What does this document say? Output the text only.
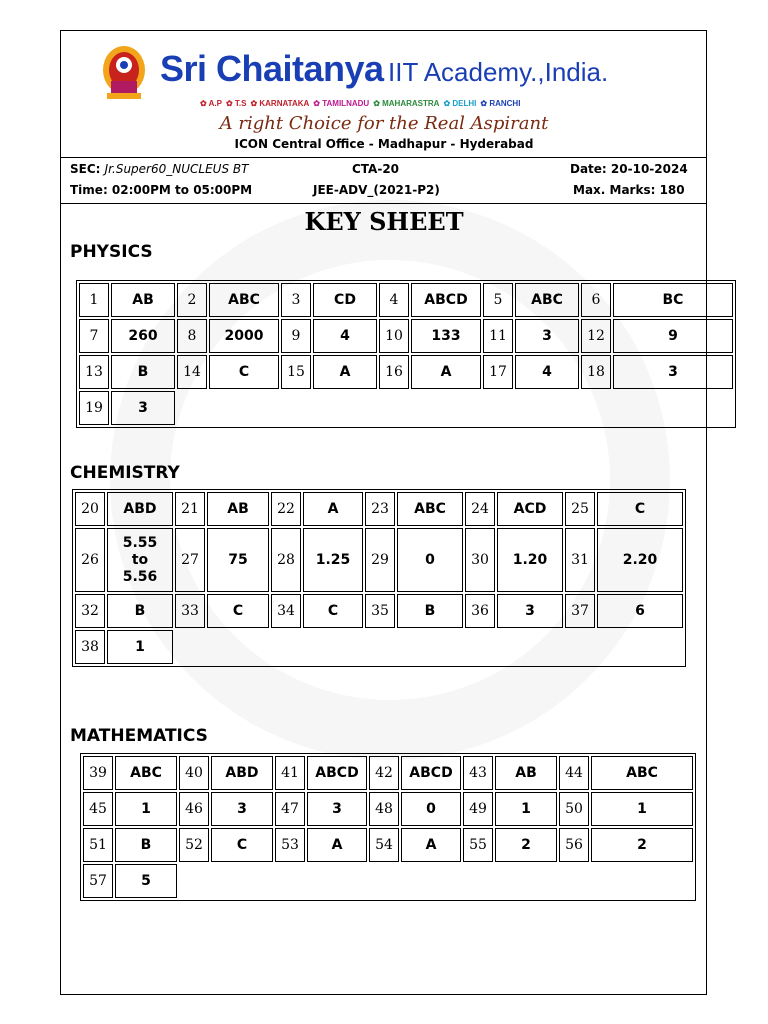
Sri Chaitanya IIT Academy.,India.
✿ A.P ✿ T.S ✿ KARNATAKA ✿ TAMILNADU ✿ MAHARASTRA ✿ DELHI ✿ RANCHI
A right Choice for the Real Aspirant
ICON Central Office - Madhapur - Hyderabad
SEC: Jr.Super60_NUCLEUS BT	CTA-20	Date: 20-10-2024
Time: 02:00PM to 05:00PM	JEE-ADV_(2021-P2)	Max. Marks: 180
KEY SHEET
PHYSICS
1	AB	2	ABC	3	CD	4	ABCD	5	ABC	6	BC
7	260	8	2000	9	4	10	133	11	3	12	9
13	B	14	C	15	A	16	A	17	4	18	3
19	3										
CHEMISTRY
20	ABD	21	AB	22	A	23	ABC	24	ACD	25	C
26	5.55
to
5.56	27	75	28	1.25	29	0	30	1.20	31	2.20
32	B	33	C	34	C	35	B	36	3	37	6
38	1										
MATHEMATICS
39	ABC	40	ABD	41	ABCD	42	ABCD	43	AB	44	ABC
45	1	46	3	47	3	48	0	49	1	50	1
51	B	52	C	53	A	54	A	55	2	56	2
57	5										
